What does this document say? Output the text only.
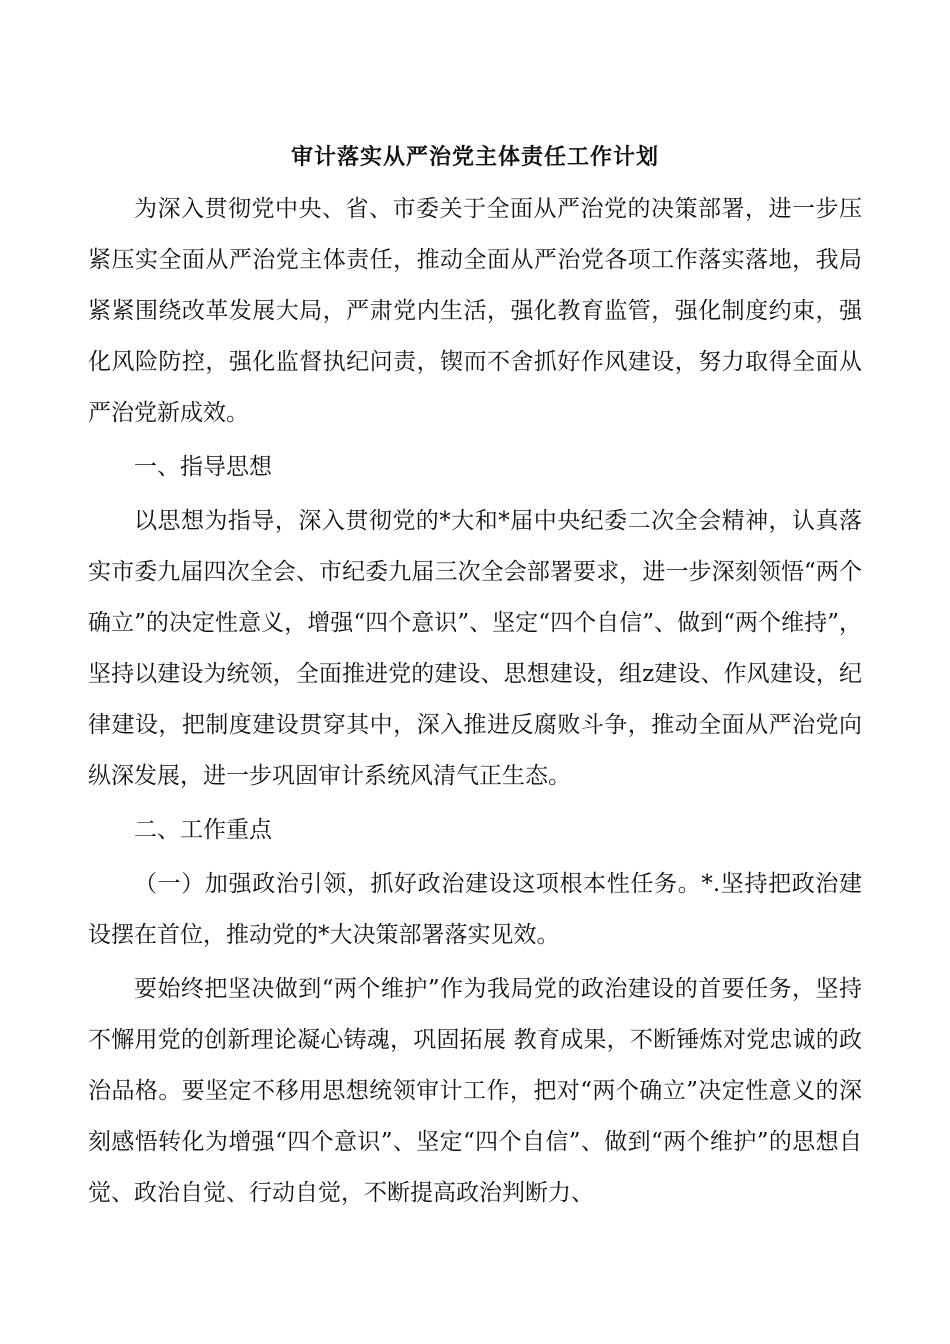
审计落实从严治党主体责任工作计划

为深入贯彻党中央、省、市委关于全面从严治党的决策部署，进一步压紧压实全面从严治党主体责任，推动全面从严治党各项工作落实落地，我局紧紧围绕改革发展大局，严肃党内生活，强化教育监管，强化制度约束，强化风险防控，强化监督执纪问责，锲而不舍抓好作风建设，努力取得全面从严治党新成效。

一、指导思想

以思想为指导，深入贯彻党的*大和*届中央纪委二次全会精神，认真落实市委九届四次全会、市纪委九届三次全会部署要求，进一步深刻领悟“两个确立”的决定性意义，增强“四个意识”、坚定“四个自信”、做到“两个维持”，坚持以建设为统领，全面推进党的建设、思想建设，组z建设、作风建设，纪律建设，把制度建设贯穿其中，深入推进反腐败斗争，推动全面从严治党向纵深发展，进一步巩固审计系统风清气正生态。

二、工作重点

（一）加强政治引领，抓好政治建设这项根本性任务。*.坚持把政治建设摆在首位，推动党的*大决策部署落实见效。

要始终把坚决做到“两个维护”作为我局党的政治建设的首要任务，坚持不懈用党的创新理论凝心铸魂，巩固拓展 教育成果，不断锤炼对党忠诚的政治品格。要坚定不移用思想统领审计工作，把对“两个确立”决定性意义的深刻感悟转化为增强“四个意识”、坚定“四个自信”、做到“两个维护”的思想自觉、政治自觉、行动自觉，不断提高政治判断力、
